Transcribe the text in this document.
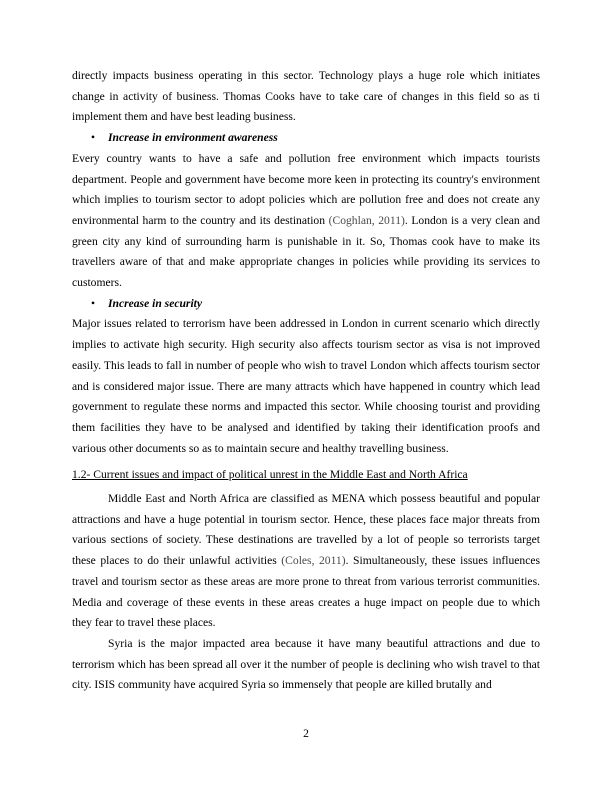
directly impacts business operating in this sector. Technology plays a huge role which initiates change in activity of business. Thomas Cooks have to take care of changes in this field so as ti implement them and have best leading business.

• Increase in environment awareness

Every country wants to have a safe and pollution free environment which impacts tourists department. People and government have become more keen in protecting its country's environment which implies to tourism sector to adopt policies which are pollution free and does not create any environmental harm to the country and its destination (Coghlan, 2011). London is a very clean and green city any kind of surrounding harm is punishable in it. So, Thomas cook have to make its travellers aware of that and make appropriate changes in policies while providing its services to customers.

• Increase in security

Major issues related to terrorism have been addressed in London in current scenario which directly implies to activate high security. High security also affects tourism sector as visa is not improved easily. This leads to fall in number of people who wish to travel London which affects tourism sector and is considered major issue. There are many attracts which have happened in country which lead government to regulate these norms and impacted this sector. While choosing tourist and providing them facilities they have to be analysed and identified by taking their identification proofs and various other documents so as to maintain secure and healthy travelling business.

1.2- Current issues and impact of political unrest in the Middle East and North Africa

Middle East and North Africa are classified as MENA which possess beautiful and popular attractions and have a huge potential in tourism sector. Hence, these places face major threats from various sections of society. These destinations are travelled by a lot of people so terrorists target these places to do their unlawful activities (Coles, 2011). Simultaneously, these issues influences travel and tourism sector as these areas are more prone to threat from various terrorist communities. Media and coverage of these events in these areas creates a huge impact on people due to which they fear to travel these places.

Syria is the major impacted area because it have many beautiful attractions and due to terrorism which has been spread all over it the number of people is declining who wish travel to that city. ISIS community have acquired Syria so immensely that people are killed brutally and

2
